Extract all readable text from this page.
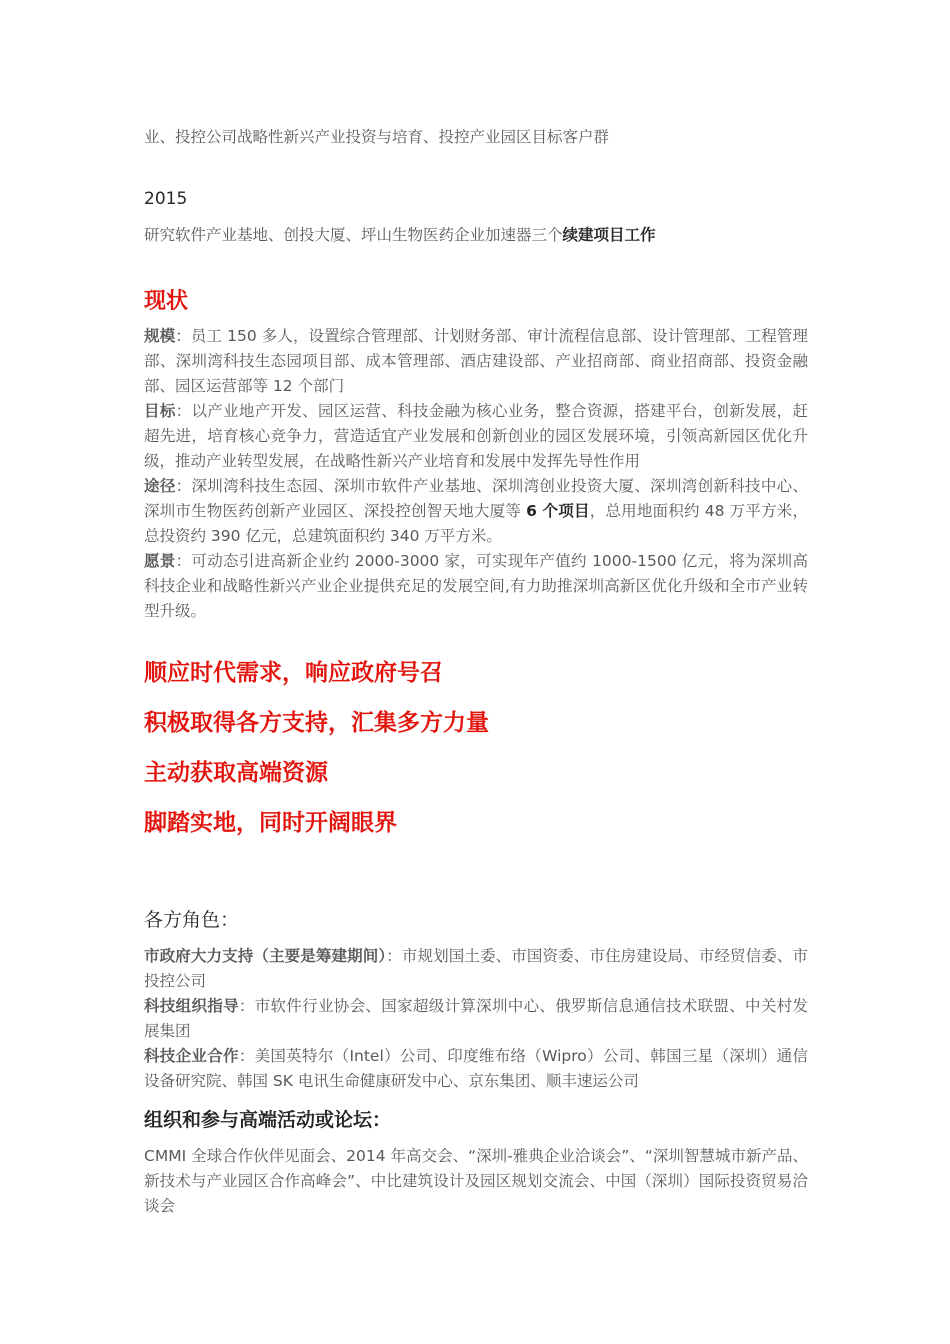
业、投控公司战略性新兴产业投资与培育、投控产业园区目标客户群

2015

研究软件产业基地、创投大厦、坪山生物医药企业加速器三个续建项目工作

现状

规模：员工 150 多人，设置综合管理部、计划财务部、审计流程信息部、设计管理部、工程管理部、深圳湾科技生态园项目部、成本管理部、酒店建设部、产业招商部、商业招商部、投资金融部、园区运营部等 12 个部门

目标：以产业地产开发、园区运营、科技金融为核心业务，整合资源，搭建平台，创新发展，赶超先进，培育核心竞争力，营造适宜产业发展和创新创业的园区发展环境，引领高新园区优化升级，推动产业转型发展，在战略性新兴产业培育和发展中发挥先导性作用

途径：深圳湾科技生态园、深圳市软件产业基地、深圳湾创业投资大厦、深圳湾创新科技中心、深圳市生物医药创新产业园区、深投控创智天地大厦等 6 个项目，总用地面积约 48 万平方米，总投资约 390 亿元，总建筑面积约 340 万平方米。

愿景：可动态引进高新企业约 2000-3000 家，可实现年产值约 1000-1500 亿元，将为深圳高科技企业和战略性新兴产业企业提供充足的发展空间,有力助推深圳高新区优化升级和全市产业转型升级。

顺应时代需求，响应政府号召

积极取得各方支持，汇集多方力量

主动获取高端资源

脚踏实地，同时开阔眼界

各方角色：

市政府大力支持（主要是筹建期间）：市规划国土委、市国资委、市住房建设局、市经贸信委、市投控公司

科技组织指导：市软件行业协会、国家超级计算深圳中心、俄罗斯信息通信技术联盟、中关村发展集团

科技企业合作：美国英特尔（Intel）公司、印度维布络（Wipro）公司、韩国三星（深圳）通信设备研究院、韩国 SK 电讯生命健康研发中心、京东集团、顺丰速运公司

组织和参与高端活动或论坛：

CMMI 全球合作伙伴见面会、2014 年高交会、“深圳-雅典企业洽谈会”、“深圳智慧城市新产品、新技术与产业园区合作高峰会”、中比建筑设计及园区规划交流会、中国（深圳）国际投资贸易洽谈会
